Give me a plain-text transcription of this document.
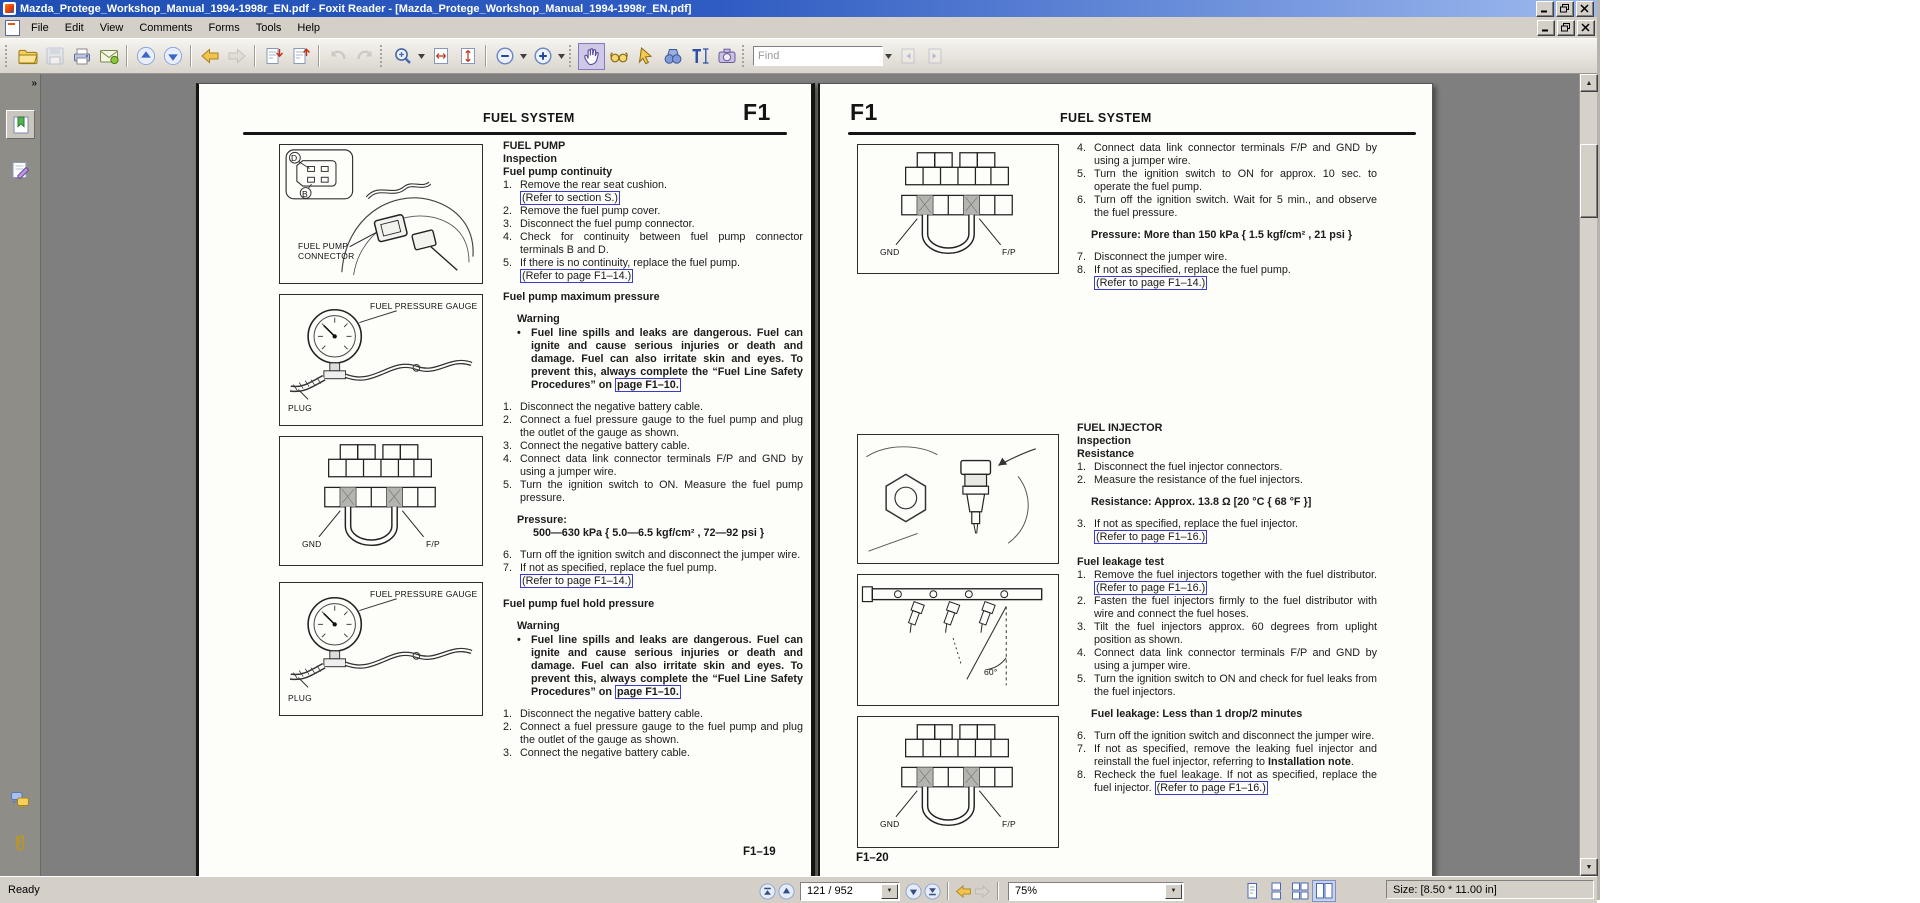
Mazda_Protege_Workshop_Manual_1994-1998r_EN.pdf - Foxit Reader - [Mazda_Protege_Workshop_Manual_1994-1998r_EN.pdf]
File	Edit	View	Comments	Forms	Tools	Help
Find
»
FUEL SYSTEM	F1
FUEL PUMP
CONNECTOR
D
B
FUEL PRESSURE GAUGE
PLUG
GND	F/P
FUEL PRESSURE GAUGE
PLUG
FUEL PUMP
Inspection
Fuel pump continuity
1. Remove the rear seat cushion.
(Refer to section S.)
2. Remove the fuel pump cover.
3. Disconnect the fuel pump connector.
4. Check for continuity between fuel pump connector terminals B and D.
5. If there is no continuity, replace the fuel pump.
(Refer to page F1–14.)
Fuel pump maximum pressure
Warning
• Fuel line spills and leaks are dangerous. Fuel can ignite and cause serious injuries or death and damage. Fuel can also irritate skin and eyes. To prevent this, always complete the “Fuel Line Safety Procedures” on page F1–10.
1. Disconnect the negative battery cable.
2. Connect a fuel pressure gauge to the fuel pump and plug the outlet of the gauge as shown.
3. Connect the negative battery cable.
4. Connect data link connector terminals F/P and GND by using a jumper wire.
5. Turn the ignition switch to ON. Measure the fuel pump pressure.
Pressure:
500—630 kPa { 5.0—6.5 kgf/cm² , 72—92 psi }
6. Turn off the ignition switch and disconnect the jumper wire.
7. If not as specified, replace the fuel pump.
(Refer to page F1–14.)
Fuel pump fuel hold pressure
Warning
• Fuel line spills and leaks are dangerous. Fuel can ignite and cause serious injuries or death and damage. Fuel can also irritate skin and eyes. To prevent this, always complete the “Fuel Line Safety Procedures” on page F1–10.
1. Disconnect the negative battery cable.
2. Connect a fuel pressure gauge to the fuel pump and plug the outlet of the gauge as shown.
3. Connect the negative battery cable.
F1–19
F1	FUEL SYSTEM
GND	F/P
60°
GND	F/P
4. Connect data link connector terminals F/P and GND by using a jumper wire.
5. Turn the ignition switch to ON for approx. 10 sec. to operate the fuel pump.
6. Turn off the ignition switch. Wait for 5 min., and observe the fuel pressure.
Pressure: More than 150 kPa { 1.5 kgf/cm² , 21 psi }
7. Disconnect the jumper wire.
8. If not as specified, replace the fuel pump.
(Refer to page F1–14.)
FUEL INJECTOR
Inspection
Resistance
1. Disconnect the fuel injector connectors.
2. Measure the resistance of the fuel injectors.
Resistance: Approx. 13.8 Ω [20 °C { 68 °F }]
3. If not as specified, replace the fuel injector.
(Refer to page F1–16.)
Fuel leakage test
1. Remove the fuel injectors together with the fuel distributor. (Refer to page F1–16.)
2. Fasten the fuel injectors firmly to the fuel distributor with wire and connect the fuel hoses.
3. Tilt the fuel injectors approx. 60 degrees from uplight position as shown.
4. Connect data link connector terminals F/P and GND by using a jumper wire.
5. Turn the ignition switch to ON and check for fuel leaks from the fuel injectors.
Fuel leakage: Less than 1 drop/2 minutes
6. Turn off the ignition switch and disconnect the jumper wire.
7. If not as specified, remove the leaking fuel injector and reinstall the fuel injector, referring to Installation note.
8. Recheck the fuel leakage. If not as specified, replace the fuel injector. (Refer to page F1–16.)
F1–20
▲
▼
Ready	121 / 952	▼	75%	▼	Size: [8.50 * 11.00 in]
